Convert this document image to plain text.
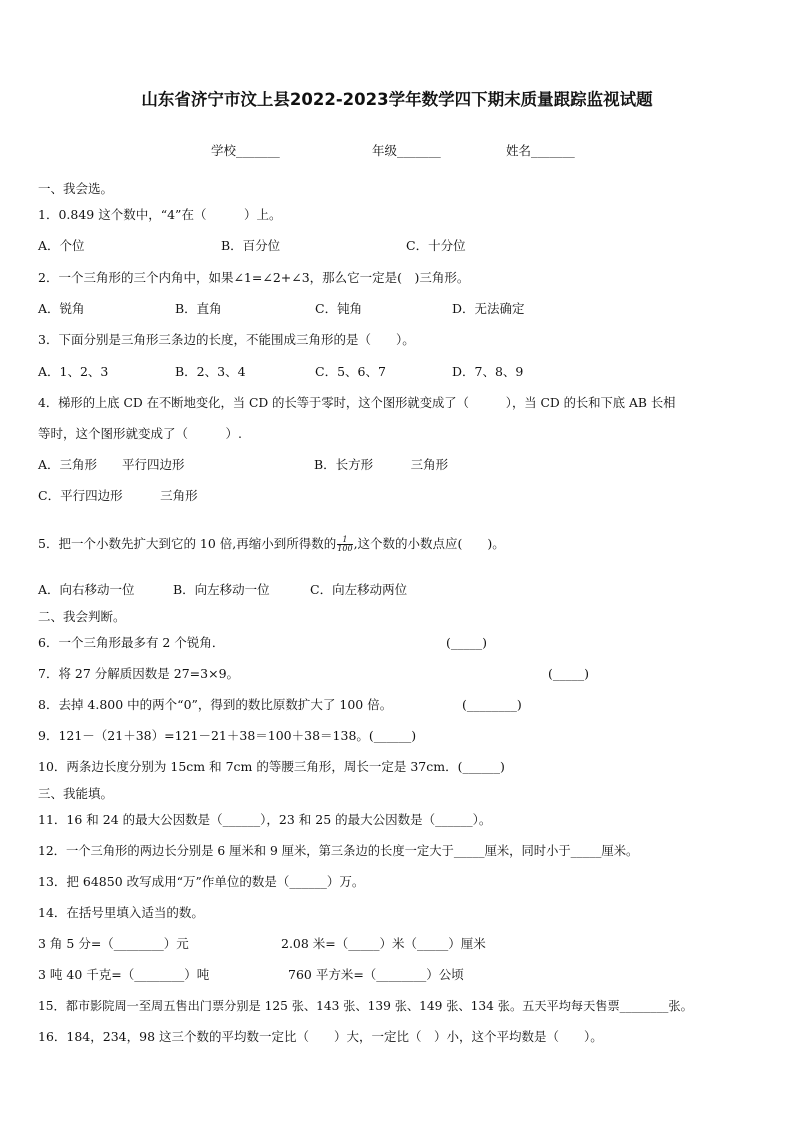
山东省济宁市汶上县2022-2023学年数学四下期末质量跟踪监视试题
学校_______	年级_______	姓名_______
一、我会选。
1．0.849 这个数中，“4”在（　　　）上。
A．个位	B．百分位	C．十分位
2．一个三角形的三个内角中，如果∠1=∠2+∠3，那么它一定是(　)三角形。
A．锐角	B．直角	C．钝角	D．无法确定
3．下面分别是三角形三条边的长度，不能围成三角形的是（　　）。
A．1、2、3	B．2、3、4	C．5、6、7	D．7、8、9
4．梯形的上底 CD 在不断地变化，当 CD 的长等于零时，这个图形就变成了（　　　），当 CD 的长和下底 AB 长相
等时，这个图形就变成了（　　　）.
A．三角形　　平行四边形	B．长方形　　　三角形
C．平行四边形　　　三角形
5．把一个小数先扩大到它的 10 倍,再缩小到所得数的 $\frac{1}{100}$ ,这个数的小数点应(　　)。
A．向右移动一位	B．向左移动一位	C．向左移动两位
二、我会判断。
6．一个三角形最多有 2 个锐角．	(_____)
7．将 27 分解质因数是 27=3×9。	(_____)
8．去掉 4.800 中的两个“0”，得到的数比原数扩大了 100 倍。	(________)
9．121－（21＋38）=121－21＋38＝100＋38＝138。(______)
10．两条边长度分别为 15cm 和 7cm 的等腰三角形，周长一定是 37cm．(______)
三、我能填。
11．16 和 24 的最大公因数是（______），23 和 25 的最大公因数是（______）。
12．一个三角形的两边长分别是 6 厘米和 9 厘米，第三条边的长度一定大于_____厘米，同时小于_____厘米。
13．把 64850 改写成用“万”作单位的数是（______）万。
14．在括号里填入适当的数。
3 角 5 分=（________）元	2.08 米=（_____）米（_____）厘米
3 吨 40 千克=（________）吨	760 平方米=（________）公顷
15．都市影院周一至周五售出门票分别是 125 张、143 张、139 张、149 张、134 张。五天平均每天售票________张。
16．184，234，98 这三个数的平均数一定比（　　）大，一定比（　）小，这个平均数是（　　）。
